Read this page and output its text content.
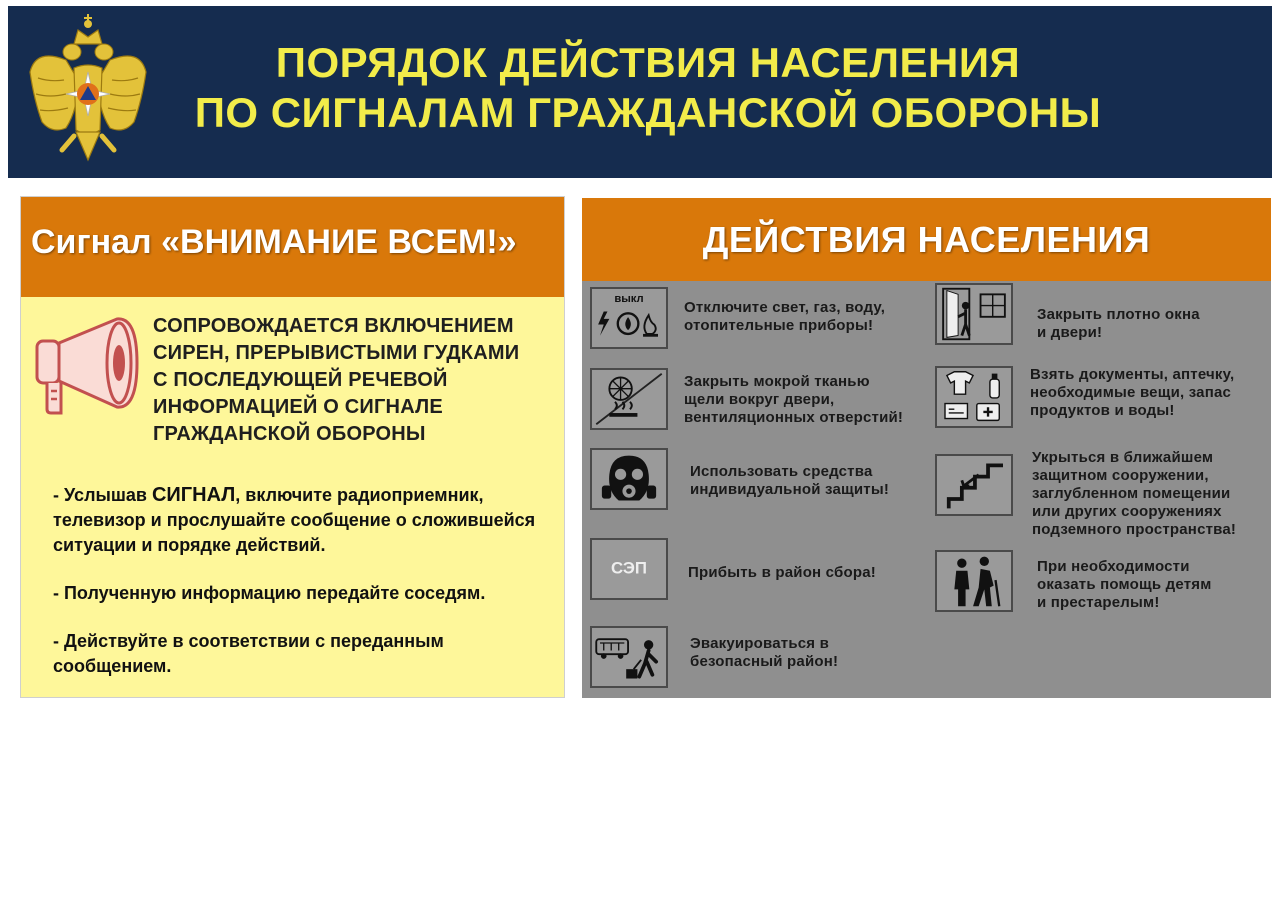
ПОРЯДОК ДЕЙСТВИЯ НАСЕЛЕНИЯ
ПО СИГНАЛАМ ГРАЖДАНСКОЙ ОБОРОНЫ
Сигнал «ВНИМАНИЕ ВСЕМ!»
СОПРОВОЖДАЕТСЯ ВКЛЮЧЕНИЕМ
СИРЕН, ПРЕРЫВИСТЫМИ ГУДКАМИ
С ПОСЛЕДУЮЩЕЙ РЕЧЕВОЙ
ИНФОРМАЦИЕЙ О СИГНАЛЕ
ГРАЖДАНСКОЙ ОБОРОНЫ
- Услышав СИГНАЛ, включите радиоприемник, телевизор и прослушайте сообщение о сложившейся ситуации и порядке действий.
- Полученную информацию передайте соседям.
- Действуйте в соответствии с переданным сообщением.
ДЕЙСТВИЯ НАСЕЛЕНИЯ
выкл	Отключите свет, газ, воду,
отопительные приборы!
Закрыть мокрой тканью
щели вокруг двери,
вентиляционных отверстий!
Использовать средства
индивидуальной защиты!
СЭП	Прибыть в район сбора!
Эвакуироваться в
безопасный район!
Закрыть плотно окна
и двери!
Взять документы, аптечку,
необходимые вещи, запас
продуктов и воды!
Укрыться в ближайшем
защитном сооружении,
заглубленном помещении
или других сооружениях
подземного пространства!
При необходимости
оказать помощь детям
и престарелым!
